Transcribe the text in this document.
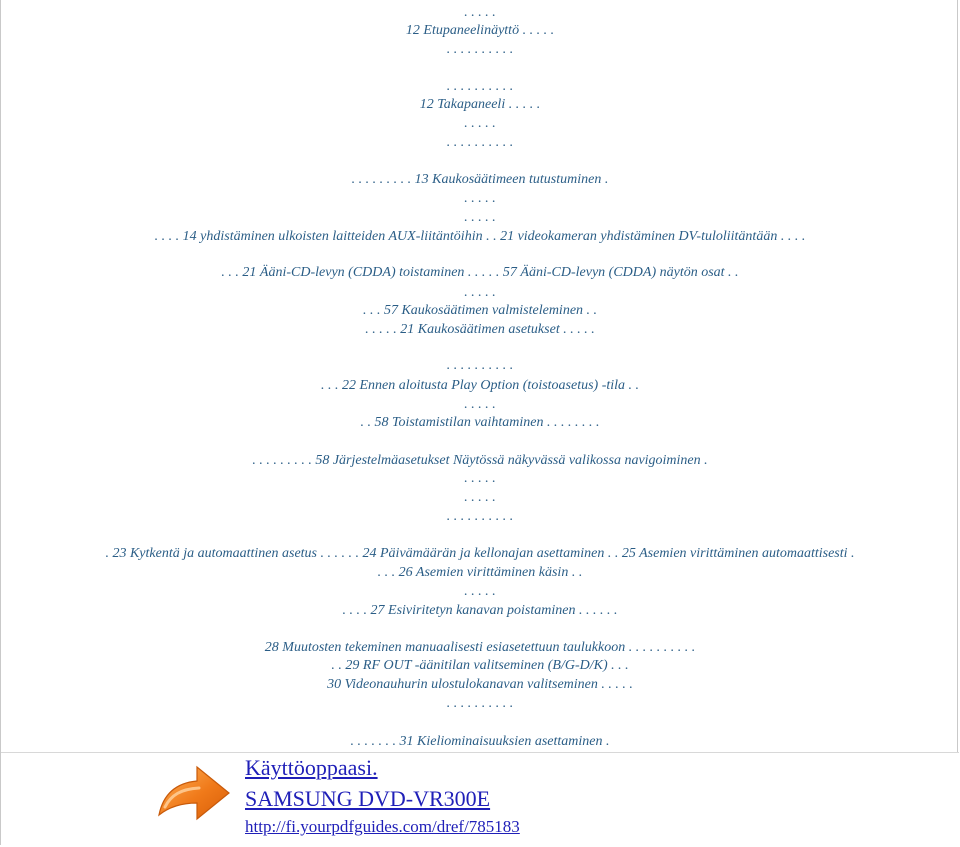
. . . . .
12 Etupaneelinäyttö . . . . .
. . . . . . . . . .
. . . . . . . . . .
12 Takapaneeli . . . . .
. . . . .
. . . . . . . . . .
. . . . . . . . . 13 Kaukosäätimeen tutustuminen .
. . . . .
. . . . .
. . . . 14 yhdistäminen ulkoisten laitteiden AUX-liitäntöihin . . 21 videokameran yhdistäminen DV-tuloliitäntään . . . .
. . . 21 Ääni-CD-levyn (CDDA) toistaminen . . . . . 57 Ääni-CD-levyn (CDDA) näytön osat . .
. . . . .
. . . 57 Kaukosäätimen valmisteleminen . .
. . . . . 21 Kaukosäätimen asetukset . . . . .
. . . . . . . . . .
. . . 22 Ennen aloitusta Play Option (toistoasetus) -tila . .
. . . . .
. . 58 Toistamistilan vaihtaminen . . . . . . . .
. . . . . . . . . 58 Järjestelmäasetukset Näytössä näkyvässä valikossa navigoiminen .
. . . . .
. . . . .
. . . . . . . . . .
. 23 Kytkentä ja automaattinen asetus . . . . . . 24 Päivämäärän ja kellonajan asettaminen . . 25 Asemien virittäminen automaattisesti .
. . . 26 Asemien virittäminen käsin . .
. . . . .
. . . . 27 Esiviritetyn kanavan poistaminen . . . . . .
28 Muutosten tekeminen manuaalisesti esiasetettuun taulukkoon . . . . . . . . . .
. . 29 RF OUT -äänitilan valitseminen (B/G-D/K) . . .
30 Videonauhurin ulostulokanavan valitseminen . . . . .
. . . . . . . . . .
. . . . . . . 31 Kieliominaisuuksien asettaminen .
Käyttöoppaasi.
SAMSUNG DVD-VR300E
http://fi.yourpdfguides.com/dref/785183
